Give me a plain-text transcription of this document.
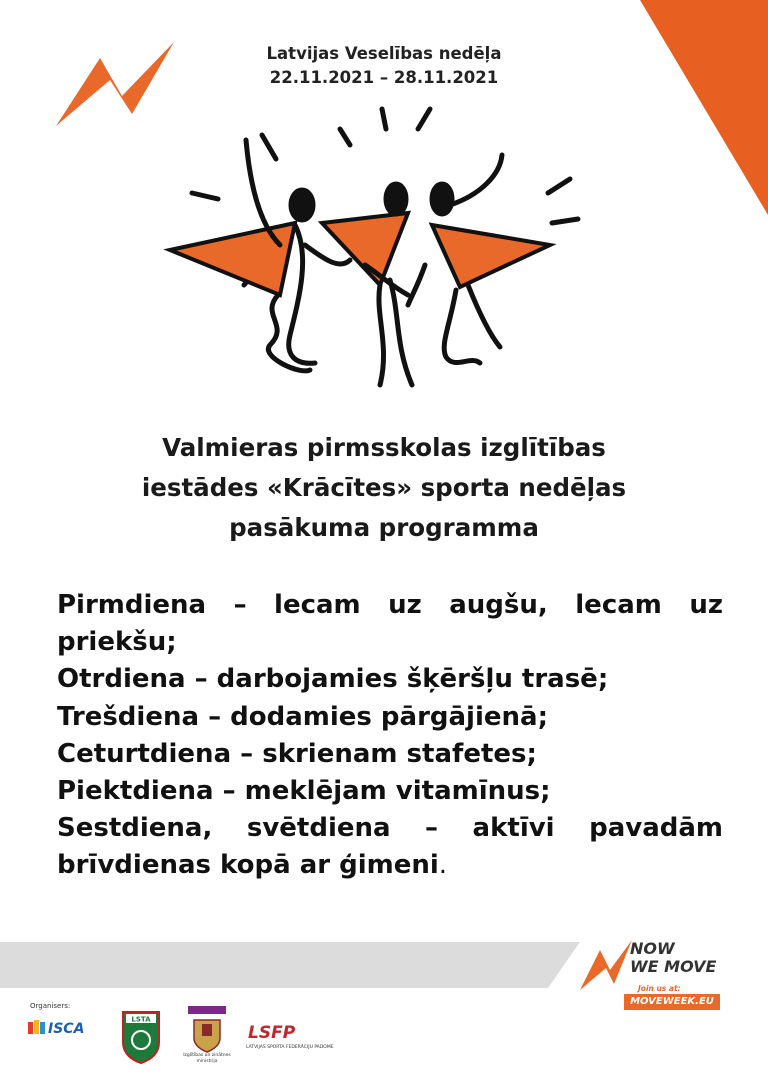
Latvijas Veselības nedēļa
22.11.2021 – 28.11.2021
Valmieras pirmsskolas izglītības
iestādes «Krācītes» sporta nedēļas
pasākuma programma
Pirmdiena – lecam uz augšu, lecam uz
priekšu;
Otrdiena – darbojamies šķēršļu trasē;
Trešdiena – dodamies pārgājienā;
Ceturtdiena – skrienam stafetes;
Piektdiena – meklējam vitamīnus;
Sestdiena, svētdiena – aktīvi pavadām
brīvdienas kopā ar ģimeni.
NOW
WE MOVE
Join us at:
MOVEWEEK.EU
Organisers:
ISCA
LSTA
Izglītības un zinātnes ministrija
LSFP
LATVIJAS SPORTA FEDERĀCIJU PADOME
